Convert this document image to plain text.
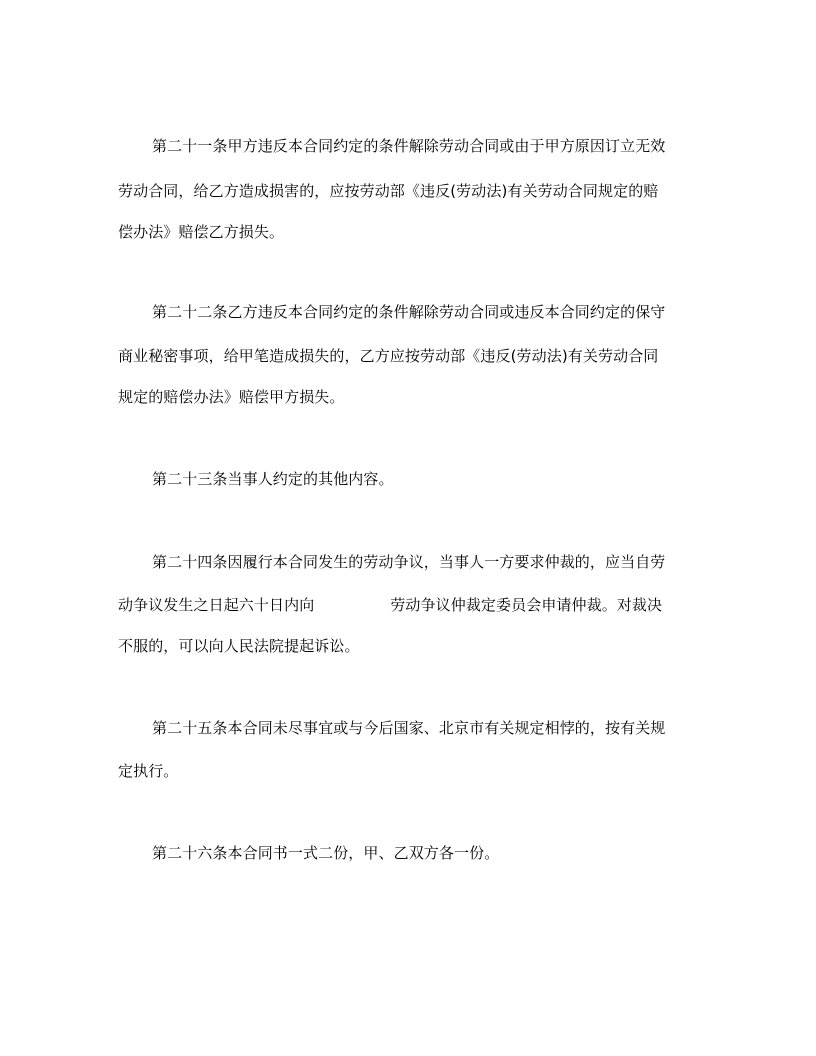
第二十一条甲方违反本合同约定的条件解除劳动合同或由于甲方原因订立无效
劳动合同，给乙方造成损害的，应按劳动部《违反(劳动法)有关劳动合同规定的赔
偿办法》赔偿乙方损失。
第二十二条乙方违反本合同约定的条件解除劳动合同或违反本合同约定的保守
商业秘密事项，给甲笔造成损失的，乙方应按劳动部《违反(劳动法)有关劳动合同
规定的赔偿办法》赔偿甲方损失。
第二十三条当事人约定的其他内容。
第二十四条因履行本合同发生的劳动争议，当事人一方要求仲裁的，应当自劳
动争议发生之日起六十日内向	劳动争议仲裁定委员会申请仲裁。对裁决
不服的，可以向人民法院提起诉讼。
第二十五条本合同未尽事宜或与今后国家、北京市有关规定相悖的，按有关规
定执行。
第二十六条本合同书一式二份，甲、乙双方各一份。
